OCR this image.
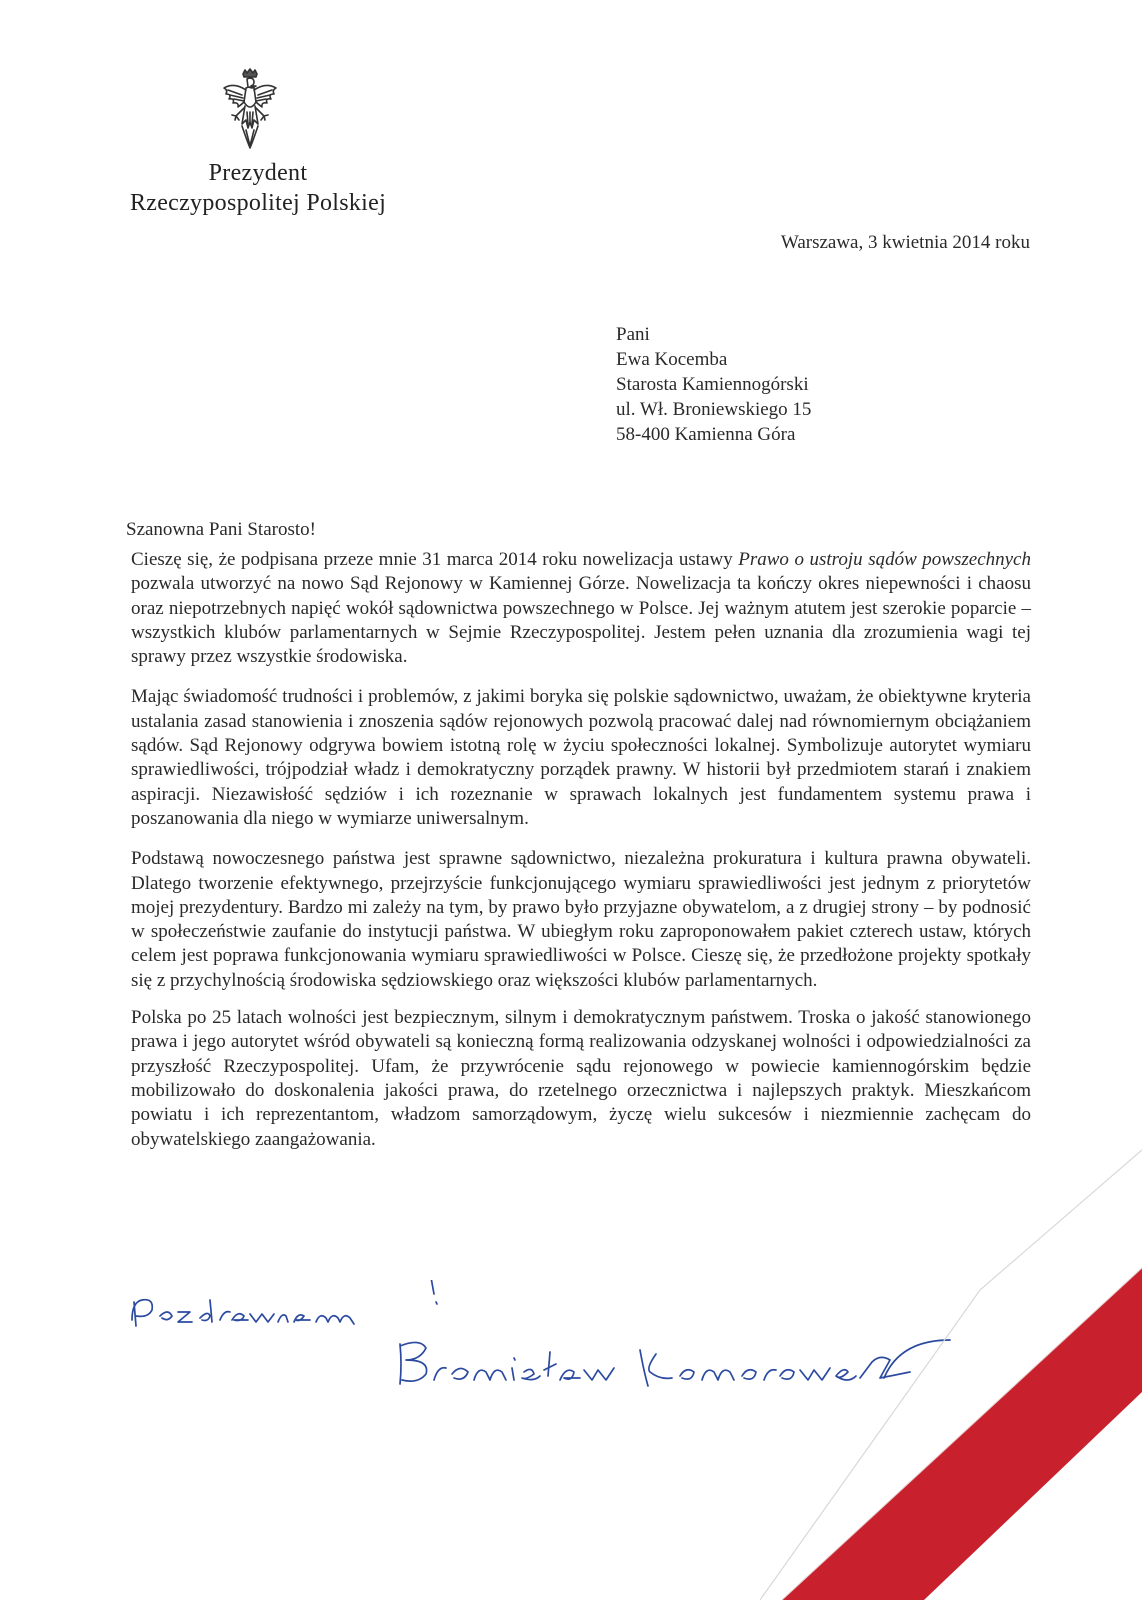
Prezydent
Rzeczypospolitej Polskiej
Warszawa, 3 kwietnia 2014 roku
Pani
Ewa Kocemba
Starosta Kamiennogórski
ul. Wł. Broniewskiego 15
58-400 Kamienna Góra
Szanowna Pani Starosto!

Cieszę się, że podpisana przeze mnie 31 marca 2014 roku nowelizacja ustawy Prawo o ustroju sądów powszechnych pozwala utworzyć na nowo Sąd Rejonowy w Kamiennej Górze. Nowelizacja ta kończy okres niepewności i chaosu oraz niepotrzebnych napięć wokół sądownictwa powszechnego w Polsce. Jej ważnym atutem jest szerokie poparcie – wszystkich klubów parlamentarnych w Sejmie Rzeczypospolitej. Jestem pełen uznania dla zrozumienia wagi tej sprawy przez wszystkie środowiska.

Mając świadomość trudności i problemów, z jakimi boryka się polskie sądownictwo, uważam, że obiektywne kryteria ustalania zasad stanowienia i znoszenia sądów rejonowych pozwolą pracować dalej nad równomiernym obciążaniem sądów. Sąd Rejonowy odgrywa bowiem istotną rolę w życiu społeczności lokalnej. Symbolizuje autorytet wymiaru sprawiedliwości, trójpodział władz i demokratyczny porządek prawny. W historii był przedmiotem starań i znakiem aspiracji. Niezawisłość sędziów i ich rozeznanie w sprawach lokalnych jest fundamentem systemu prawa i poszanowania dla niego w wymiarze uniwersalnym.

Podstawą nowoczesnego państwa jest sprawne sądownictwo, niezależna prokuratura i kultura prawna obywateli. Dlatego tworzenie efektywnego, przejrzyście funkcjonującego wymiaru sprawiedliwości jest jednym z priorytetów mojej prezydentury. Bardzo mi zależy na tym, by prawo było przyjazne obywatelom, a z drugiej strony – by podnosić w społeczeństwie zaufanie do instytucji państwa. W ubiegłym roku zaproponowałem pakiet czterech ustaw, których celem jest poprawa funkcjonowania wymiaru sprawiedliwości w Polsce. Cieszę się, że przedłożone projekty spotkały się z przychylnością środowiska sędziowskiego oraz większości klubów parlamentarnych.

Polska po 25 latach wolności jest bezpiecznym, silnym i demokratycznym państwem. Troska o jakość stanowionego prawa i jego autorytet wśród obywateli są konieczną formą realizowania odzyskanej wolności i odpowiedzialności za przyszłość Rzeczypospolitej. Ufam, że przywrócenie sądu rejonowego w powiecie kamiennogórskim będzie mobilizowało do doskonalenia jakości prawa, do rzetelnego orzecznictwa i najlepszych praktyk. Mieszkańcom powiatu i ich reprezentantom, władzom samorządowym, życzę wielu sukcesów i niezmiennie zachęcam do obywatelskiego zaangażowania.
